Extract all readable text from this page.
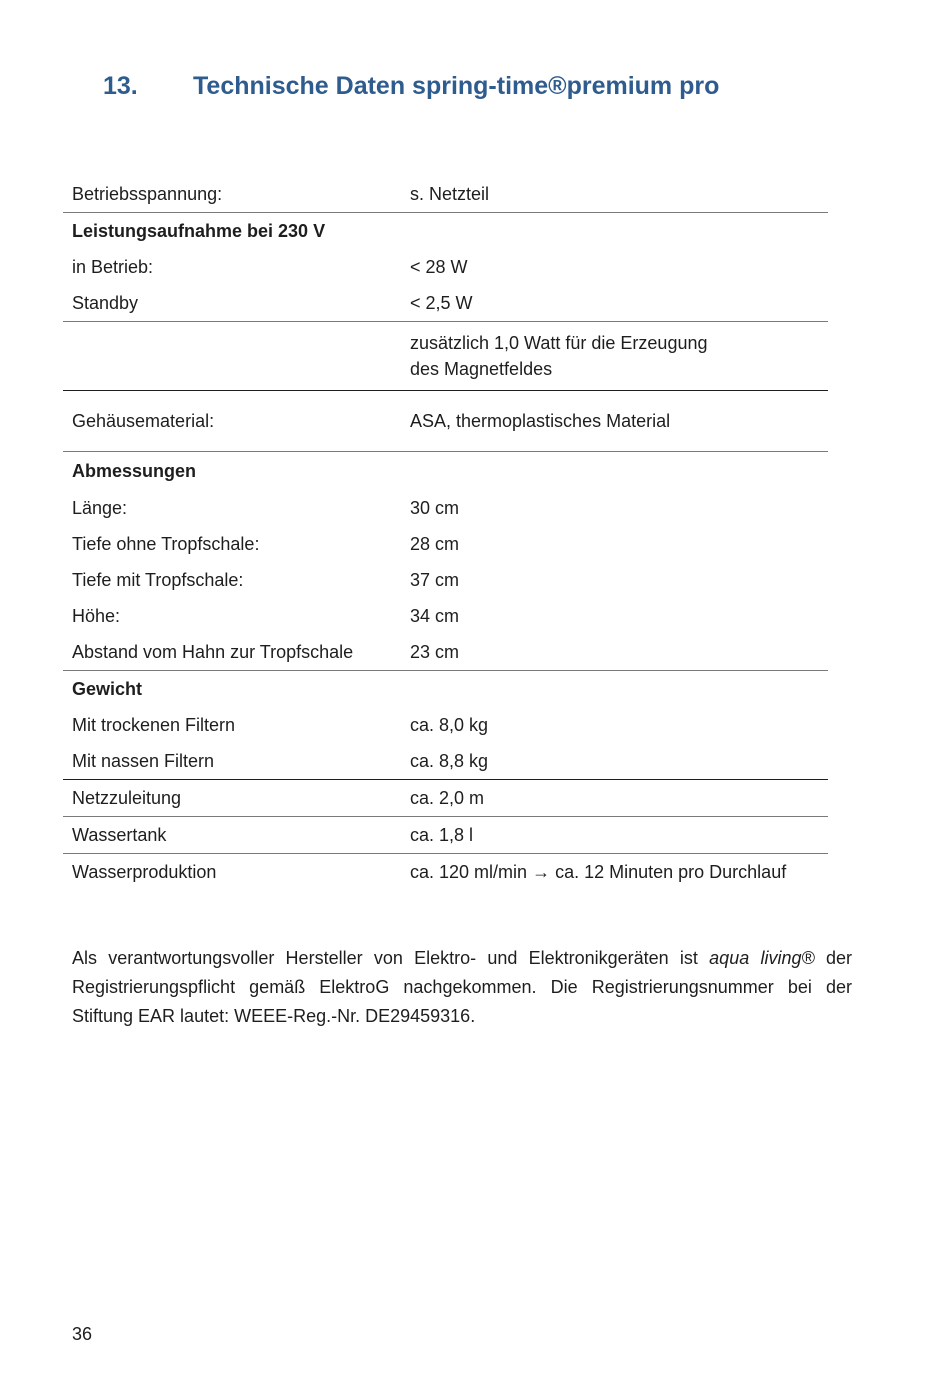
13. Technische Daten spring-time®premium pro
Betriebsspannung:	s. Netzteil
Leistungsaufnahme bei 230 V	
in Betrieb:	< 28 W
Standby	< 2,5 W

	zusätzlich 1,0 Watt für die Erzeugung des Magnetfeldes

Gehäusematerial:	ASA, thermoplastisches Material
Abmessungen	
Länge:	30 cm
Tiefe ohne Tropfschale:	28 cm
Tiefe mit Tropfschale:	37 cm
Höhe:	34 cm
Abstand vom Hahn zur Tropfschale	23 cm
Gewicht	
Mit trockenen Filtern	ca. 8,0 kg
Mit nassen Filtern	ca. 8,8 kg
Netzzuleitung	ca. 2,0 m
Wassertank	ca. 1,8 l
Wasserproduktion	ca. 120 ml/min → ca. 12 Minuten pro Durchlauf

Als verantwortungsvoller Hersteller von Elektro- und Elektronikgeräten ist aqua living® der Registrierungspflicht gemäß ElektroG nachgekommen. Die Registrierungsnummer bei der Stiftung EAR lautet: WEEE-Reg.-Nr. DE29459316.

36
